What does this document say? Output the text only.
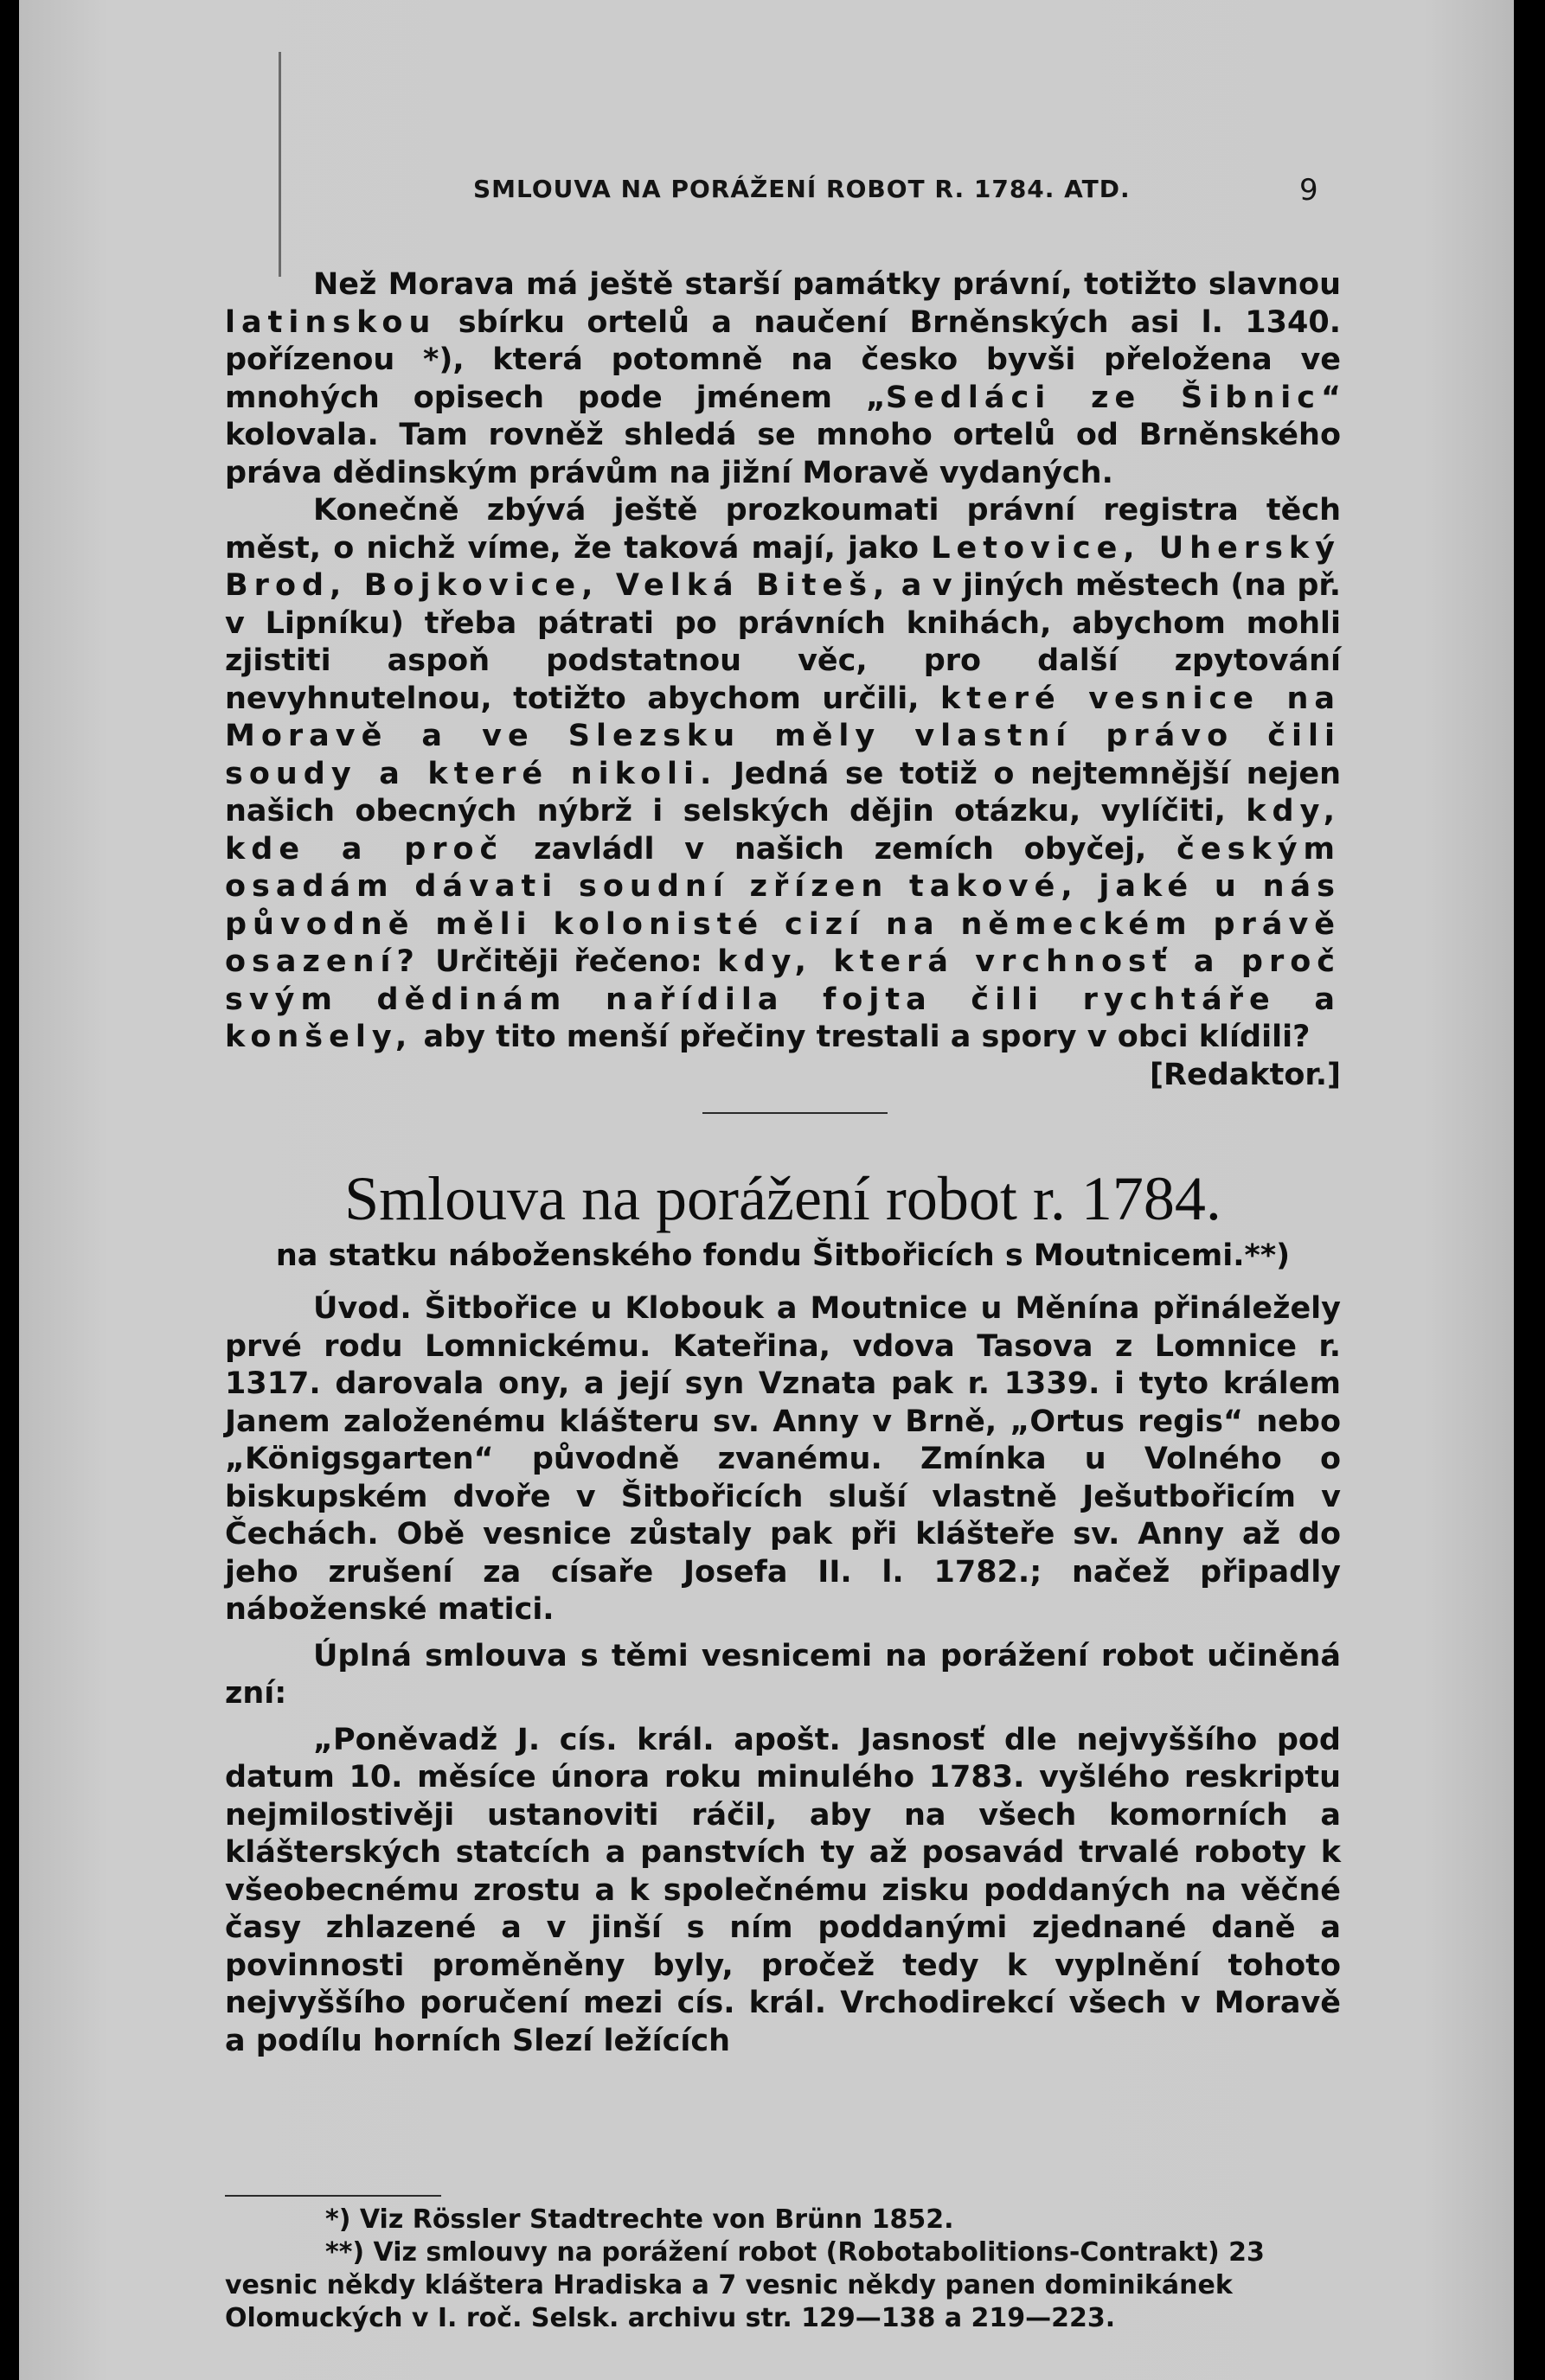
SMLOUVA NA PORÁŽENÍ ROBOT R. 1784. ATD.	9

Než Morava má ještě starší památky právní, totižto slavnou latinskou sbírku ortelů a naučení Brněnských asi l. 1340. pořízenou *), která potomně na česko byvši přeložena ve mnohých opisech pode jménem „Sedláci ze Šibnic“ kolovala. Tam rovněž shledá se mnoho ortelů od Brněnského práva dědinským právům na jižní Moravě vydaných.

Konečně zbývá ještě prozkoumati právní registra těch měst, o nichž víme, že taková mají, jako Letovice, Uherský Brod, Bojkovice, Velká Biteš, a v jiných městech (na př. v Lipníku) třeba pátrati po právních knihách, abychom mohli zjistiti aspoň podstatnou věc, pro další zpytování nevyhnutelnou, totižto abychom určili, které vesnice na Moravě a ve Slezsku měly vlastní právo čili soudy a které nikoli. Jedná se totiž o nejtemnější nejen našich obecných nýbrž i selských dějin otázku, vylíčiti, kdy, kde a proč zavládl v našich zemích obyčej, českým osadám dávati soudní zřízen takové, jaké u nás původně měli kolonisté cizí na německém právě osazení? Určitěji řečeno: kdy, která vrchnosť a proč svým dědinám nařídila fojta čili rychtáře a konšely, aby tito menší přečiny trestali a spory v obci klídili?
[Redaktor.]

Smlouva na porážení robot r. 1784.
na statku náboženského fondu Šitbořicích s Moutnicemi.**)

Úvod. Šitbořice u Klobouk a Moutnice u Měnína přináležely prvé rodu Lomnickému. Kateřina, vdova Tasova z Lomnice r. 1317. darovala ony, a její syn Vznata pak r. 1339. i tyto králem Janem založenému klášteru sv. Anny v Brně, „Ortus regis“ nebo „Königsgarten“ původně zvanému. Zmínka u Volného o biskupském dvoře v Šitbořicích sluší vlastně Ješutbořicím v Čechách. Obě vesnice zůstaly pak při klášteře sv. Anny až do jeho zrušení za císaře Josefa II. l. 1782.; načež připadly náboženské matici.

Úplná smlouva s těmi vesnicemi na porážení robot učiněná zní:

„Poněvadž J. cís. král. apošt. Jasnosť dle nejvyššího pod datum 10. měsíce února roku minulého 1783. vyšlého reskriptu nejmilostivěji ustanoviti ráčil, aby na všech komorních a klášterských statcích a panstvích ty až posavád trvalé roboty k všeobecnému zrostu a k společnému zisku poddaných na věčné časy zhlazené a v jinší s ním poddanými zjednané daně a povinnosti proměněny byly, pročež tedy k vyplnění tohoto nejvyššího poručení mezi cís. král. Vrchodirekcí všech v Moravě a podílu horních Slezí ležících

*) Viz Rössler Stadtrechte von Brünn 1852.

**) Viz smlouvy na porážení robot (Robotabolitions-Contrakt) 23 vesnic někdy kláštera Hradiska a 7 vesnic někdy panen dominikánek Olomuckých v I. roč. Selsk. archivu str. 129—138 a 219—223.
